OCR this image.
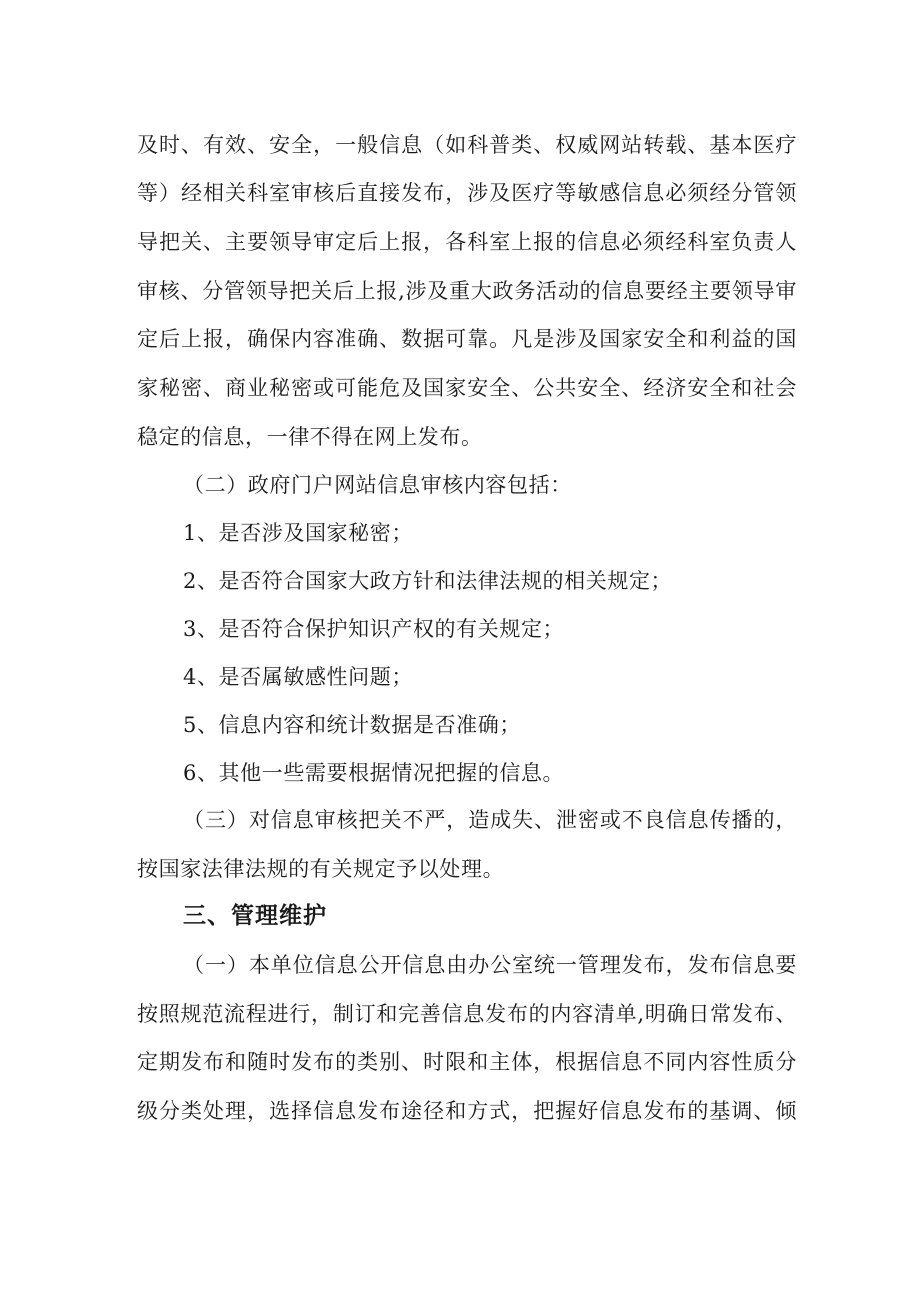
及时、有效、安全，一般信息（如科普类、权威网站转载、基本医疗
等）经相关科室审核后直接发布，涉及医疗等敏感信息必须经分管领
导把关、主要领导审定后上报，各科室上报的信息必须经科室负责人
审核、分管领导把关后上报,涉及重大政务活动的信息要经主要领导审
定后上报，确保内容准确、数据可靠。凡是涉及国家安全和利益的国
家秘密、商业秘密或可能危及国家安全、公共安全、经济安全和社会
稳定的信息，一律不得在网上发布。
（二）政府门户网站信息审核内容包括：
1、是否涉及国家秘密；
2、是否符合国家大政方针和法律法规的相关规定；
3、是否符合保护知识产权的有关规定；
4、是否属敏感性问题；
5、信息内容和统计数据是否准确；
6、其他一些需要根据情况把握的信息。
（三）对信息审核把关不严，造成失、泄密或不良信息传播的，
按国家法律法规的有关规定予以处理。
三、管理维护
（一）本单位信息公开信息由办公室统一管理发布，发布信息要
按照规范流程进行，制订和完善信息发布的内容清单,明确日常发布、
定期发布和随时发布的类别、时限和主体，根据信息不同内容性质分
级分类处理，选择信息发布途径和方式，把握好信息发布的基调、倾
